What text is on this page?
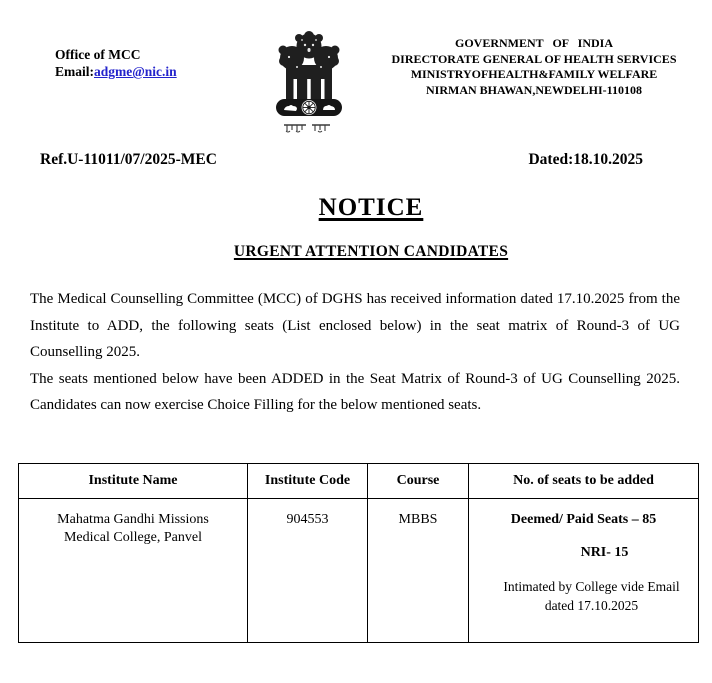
Office of MCC
Email:adgme@nic.in
GOVERNMENT OF INDIA
DIRECTORATE GENERAL OF HEALTH SERVICES
MINISTRYOFHEALTH&FAMILY WELFARE
NIRMAN BHAWAN,NEWDELHI-110108
Ref.U-11011/07/2025-MEC	Dated:18.10.2025
NOTICE
URGENT ATTENTION CANDIDATES

The Medical Counselling Committee (MCC) of DGHS has received information dated 17.10.2025 from the Institute to ADD, the following seats (List enclosed below) in the seat matrix of Round-3 of UG Counselling 2025.

The seats mentioned below have been ADDED in the Seat Matrix of Round-3 of UG Counselling 2025. Candidates can now exercise Choice Filling for the below mentioned seats.

Institute Name	Institute Code	Course	No. of seats to be added
Mahatma Gandhi Missions Medical College, Panvel	904553	MBBS	Deemed/ Paid Seats – 85
NRI- 15
Intimated by College vide Email dated 17.10.2025
